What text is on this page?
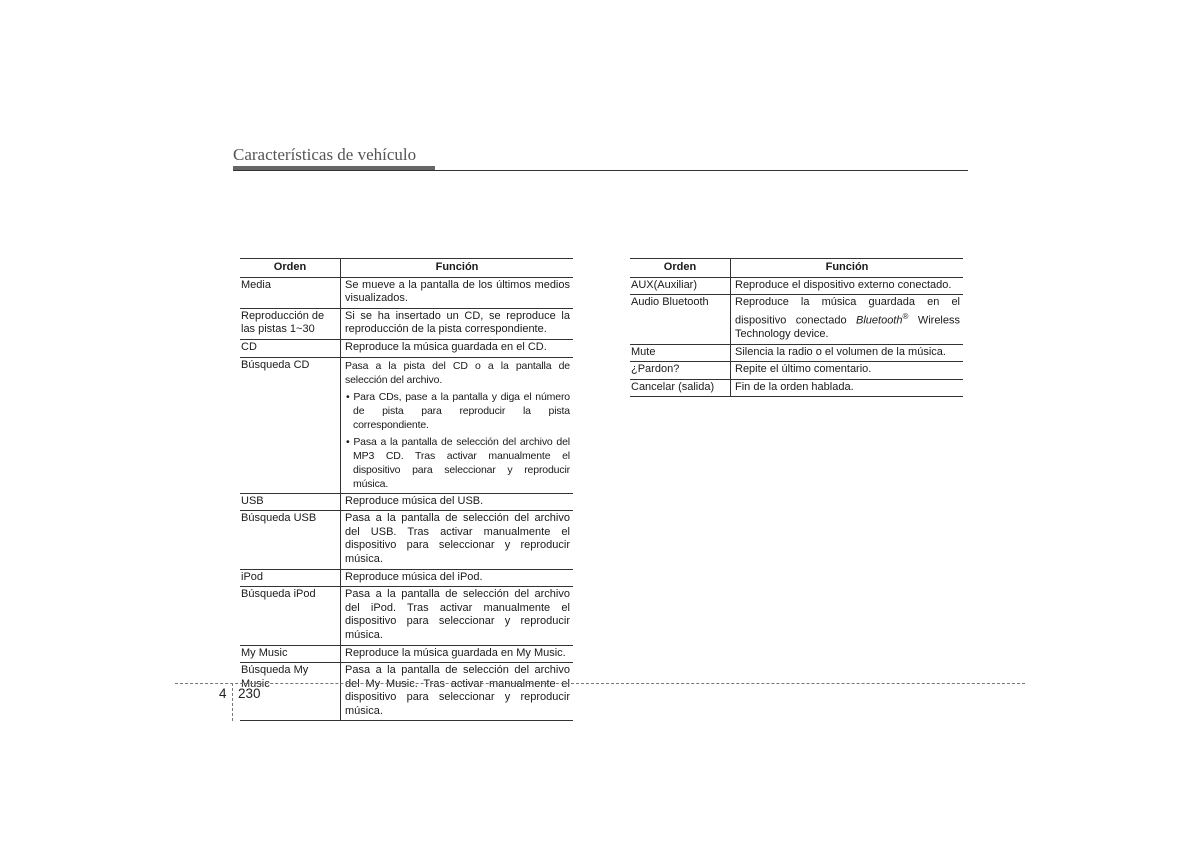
Características de vehículo
Orden	Función
Media	Se mueve a la pantalla de los últimos medios visualizados.
Reproducción de las pistas 1~30	Si se ha insertado un CD, se reproduce la reproducción de la pista correspondiente.
CD	Reproduce la música guardada en el CD.
Búsqueda CD	Pasa a la pista del CD o a la pantalla de selección del archivo.
• Para CDs, pase a la pantalla y diga el número de pista para reproducir la pista correspondiente.
• Pasa a la pantalla de selección del archivo del MP3 CD. Tras activar manualmente el dispositivo para seleccionar y reproducir música.

USB	Reproduce música del USB.
Búsqueda USB	Pasa a la pantalla de selección del archivo del USB. Tras activar manualmente el dispositivo para seleccionar y reproducir música.
iPod	Reproduce música del iPod.
Búsqueda iPod	Pasa a la pantalla de selección del archivo del iPod. Tras activar manualmente el dispositivo para seleccionar y reproducir música.
My Music	Reproduce la música guardada en My Music.
Búsqueda My Music	Pasa a la pantalla de selección del archivo del My Music. Tras activar manualmente el dispositivo para seleccionar y reproducir música.
Orden	Función
AUX(Auxiliar)	Reproduce el dispositivo externo conectado.
Audio Bluetooth	Reproduce la música guardada en el dispositivo conectado Bluetooth® Wireless Technology device.
Mute	Silencia la radio o el volumen de la música.
¿Pardon?	Repite el último comentario.
Cancelar (salida)	Fin de la orden hablada.
4 230
